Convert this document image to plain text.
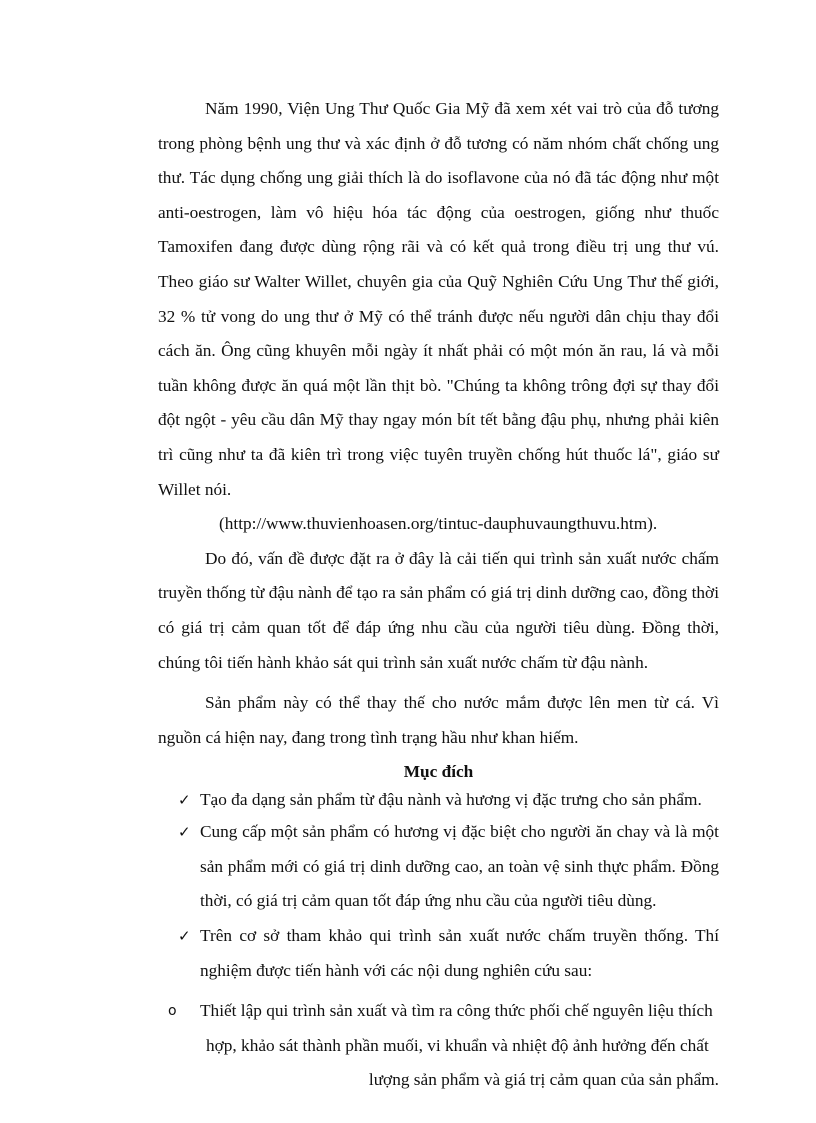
Năm 1990, Viện Ung Thư Quốc Gia Mỹ đã xem xét vai trò của đỗ tương trong phòng bệnh ung thư và xác định ở đỗ tương có năm nhóm chất chống ung thư. Tác dụng chống ung giải thích là do isoflavone của nó đã tác động như một anti-oestrogen, làm vô hiệu hóa tác động của oestrogen, giống như thuốc Tamoxifen đang được dùng rộng rãi và có kết quả trong điều trị ung thư vú. Theo giáo sư Walter Willet, chuyên gia của Quỹ Nghiên Cứu Ung Thư thế giới, 32 % tử vong do ung thư ở Mỹ có thể tránh được nếu người dân chịu thay đổi cách ăn. Ông cũng khuyên mỗi ngày ít nhất phải có một món ăn rau, lá và mỗi tuần không được ăn quá một lần thịt bò. "Chúng ta không trông đợi sự thay đổi đột ngột - yêu cầu dân Mỹ thay ngay món bít tết bằng đậu phụ, nhưng phải kiên trì cũng như ta đã kiên trì trong việc tuyên truyền chống hút thuốc lá", giáo sư Willet nói.

(http://www.thuvienhoasen.org/tintuc-dauphuvaungthuvu.htm).

Do đó, vấn đề được đặt ra ở đây là cải tiến qui trình sản xuất nước chấm truyền thống từ đậu nành để tạo ra sản phẩm có giá trị dinh dưỡng cao, đồng thời có giá trị cảm quan tốt để đáp ứng nhu cầu của người tiêu dùng. Đồng thời, chúng tôi tiến hành khảo sát qui trình sản xuất nước chấm từ đậu nành.

Sản phẩm này có thể thay thế cho nước mắm được lên men từ cá. Vì nguồn cá hiện nay, đang trong tình trạng hầu như khan hiếm.

Mục đích

✓ Tạo đa dạng sản phẩm từ đậu nành và hương vị đặc trưng cho sản phẩm.
✓ Cung cấp một sản phẩm có hương vị đặc biệt cho người ăn chay và là một sản phẩm mới có giá trị dinh dưỡng cao, an toàn vệ sinh thực phẩm. Đồng thời, có giá trị cảm quan tốt đáp ứng nhu cầu của người tiêu dùng.
✓ Trên cơ sở tham khảo qui trình sản xuất nước chấm truyền thống. Thí nghiệm được tiến hành với các nội dung nghiên cứu sau:
o Thiết lập qui trình sản xuất và tìm ra công thức phối chế nguyên liệu thích
hợp, khảo sát thành phần muối, vi khuẩn và nhiệt độ ảnh hưởng đến chất
lượng sản phẩm và giá trị cảm quan của sản phẩm.
